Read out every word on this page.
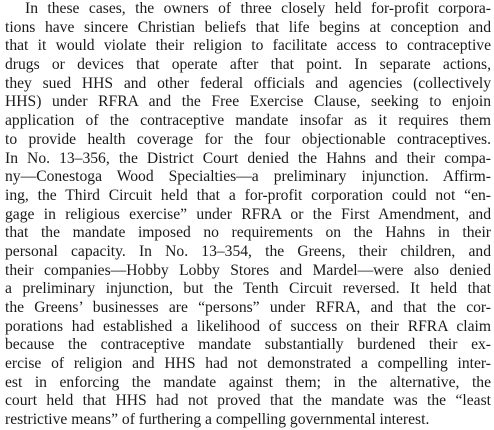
In these cases, the owners of three closely held for-profit corpora-
tions have sincere Christian beliefs that life begins at conception and
that it would violate their religion to facilitate access to contraceptive
drugs or devices that operate after that point. In separate actions,
they sued HHS and other federal officials and agencies (collectively
HHS) under RFRA and the Free Exercise Clause, seeking to enjoin
application of the contraceptive mandate insofar as it requires them
to provide health coverage for the four objectionable contraceptives.
In No. 13–356, the District Court denied the Hahns and their compa-
ny—Conestoga Wood Specialties—a preliminary injunction. Affirm-
ing, the Third Circuit held that a for-profit corporation could not “en-
gage in religious exercise” under RFRA or the First Amendment, and
that the mandate imposed no requirements on the Hahns in their
personal capacity. In No. 13–354, the Greens, their children, and
their companies—Hobby Lobby Stores and Mardel—were also denied
a preliminary injunction, but the Tenth Circuit reversed. It held that
the Greens’ businesses are “persons” under RFRA, and that the cor-
porations had established a likelihood of success on their RFRA claim
because the contraceptive mandate substantially burdened their ex-
ercise of religion and HHS had not demonstrated a compelling inter-
est in enforcing the mandate against them; in the alternative, the
court held that HHS had not proved that the mandate was the “least
restrictive means” of furthering a compelling governmental interest.
